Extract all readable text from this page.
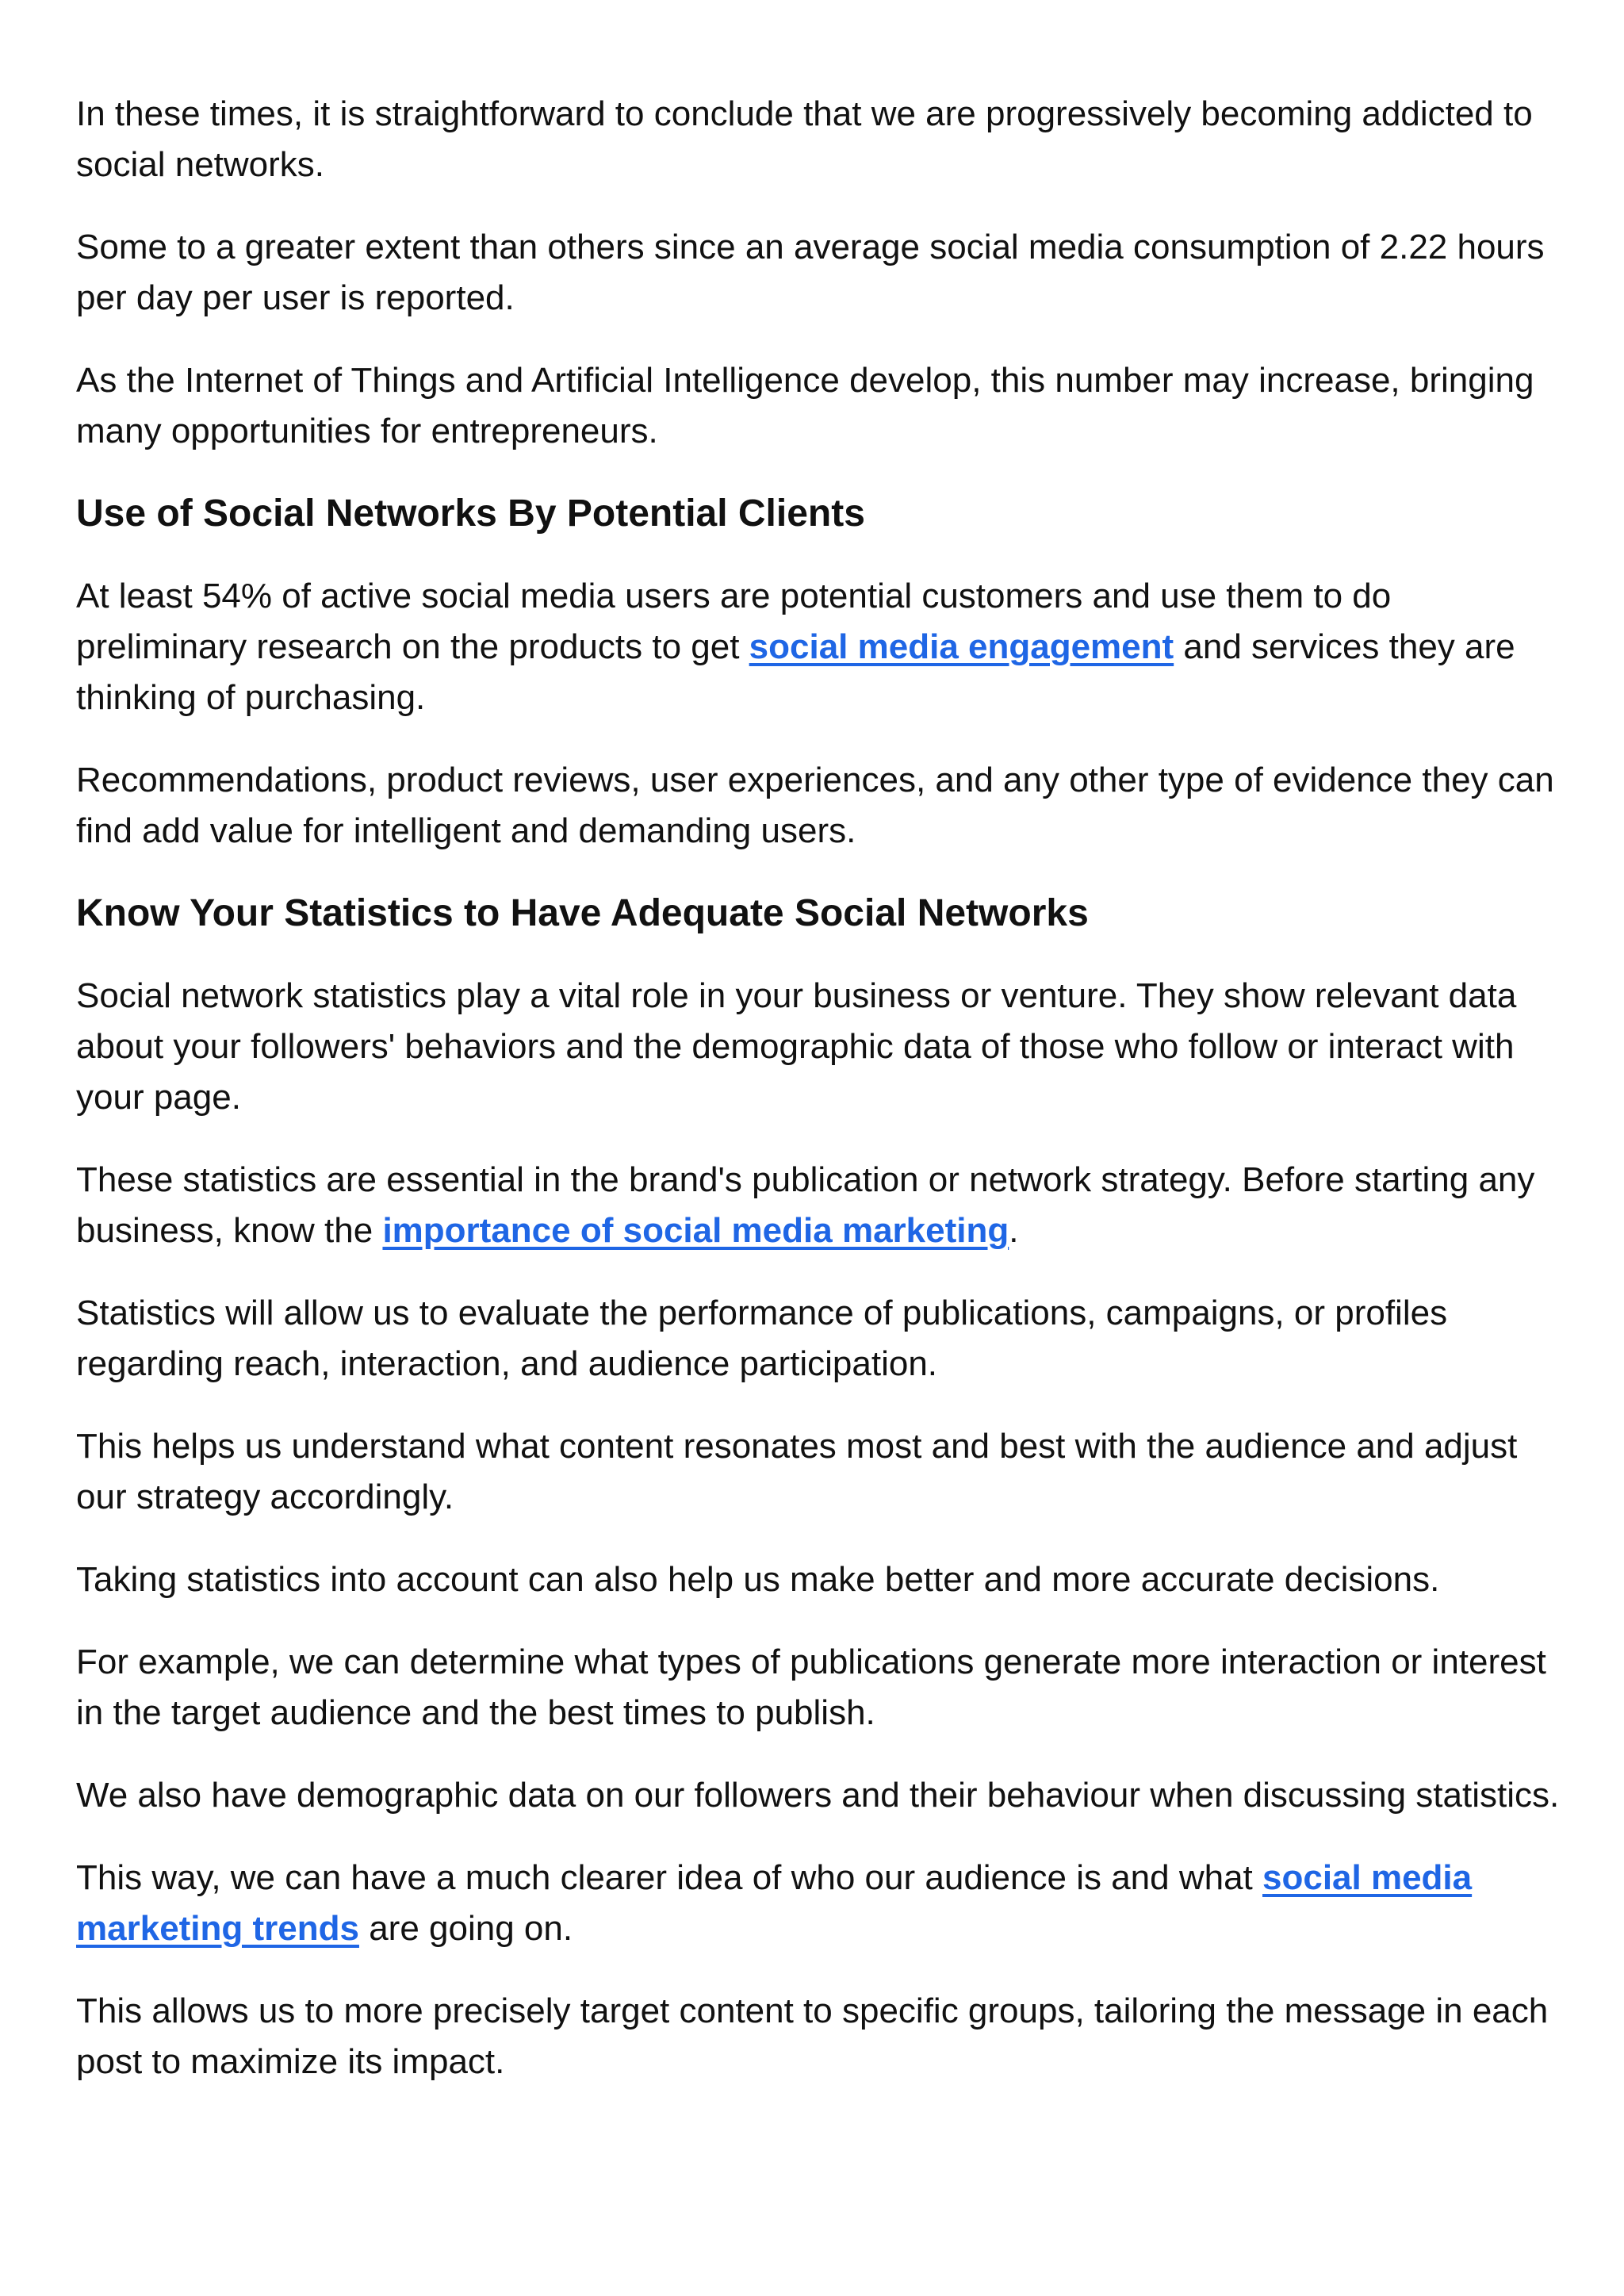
In these times, it is straightforward to conclude that we are progressively becoming addicted to social networks.

Some to a greater extent than others since an average social media consumption of 2.22 hours per day per user is reported.

As the Internet of Things and Artificial Intelligence develop, this number may increase, bringing many opportunities for entrepreneurs.

Use of Social Networks By Potential Clients

At least 54% of active social media users are potential customers and use them to do preliminary research on the products to get social media engagement and services they are thinking of purchasing.

Recommendations, product reviews, user experiences, and any other type of evidence they can find add value for intelligent and demanding users.

Know Your Statistics to Have Adequate Social Networks

Social network statistics play a vital role in your business or venture. They show relevant data about your followers' behaviors and the demographic data of those who follow or interact with your page.

These statistics are essential in the brand's publication or network strategy. Before starting any business, know the importance of social media marketing.

Statistics will allow us to evaluate the performance of publications, campaigns, or profiles regarding reach, interaction, and audience participation.

This helps us understand what content resonates most and best with the audience and adjust our strategy accordingly.

Taking statistics into account can also help us make better and more accurate decisions.

For example, we can determine what types of publications generate more interaction or interest in the target audience and the best times to publish.

We also have demographic data on our followers and their behaviour when discussing statistics.

This way, we can have a much clearer idea of who our audience is and what social media marketing trends are going on.

This allows us to more precisely target content to specific groups, tailoring the message in each post to maximize its impact.
